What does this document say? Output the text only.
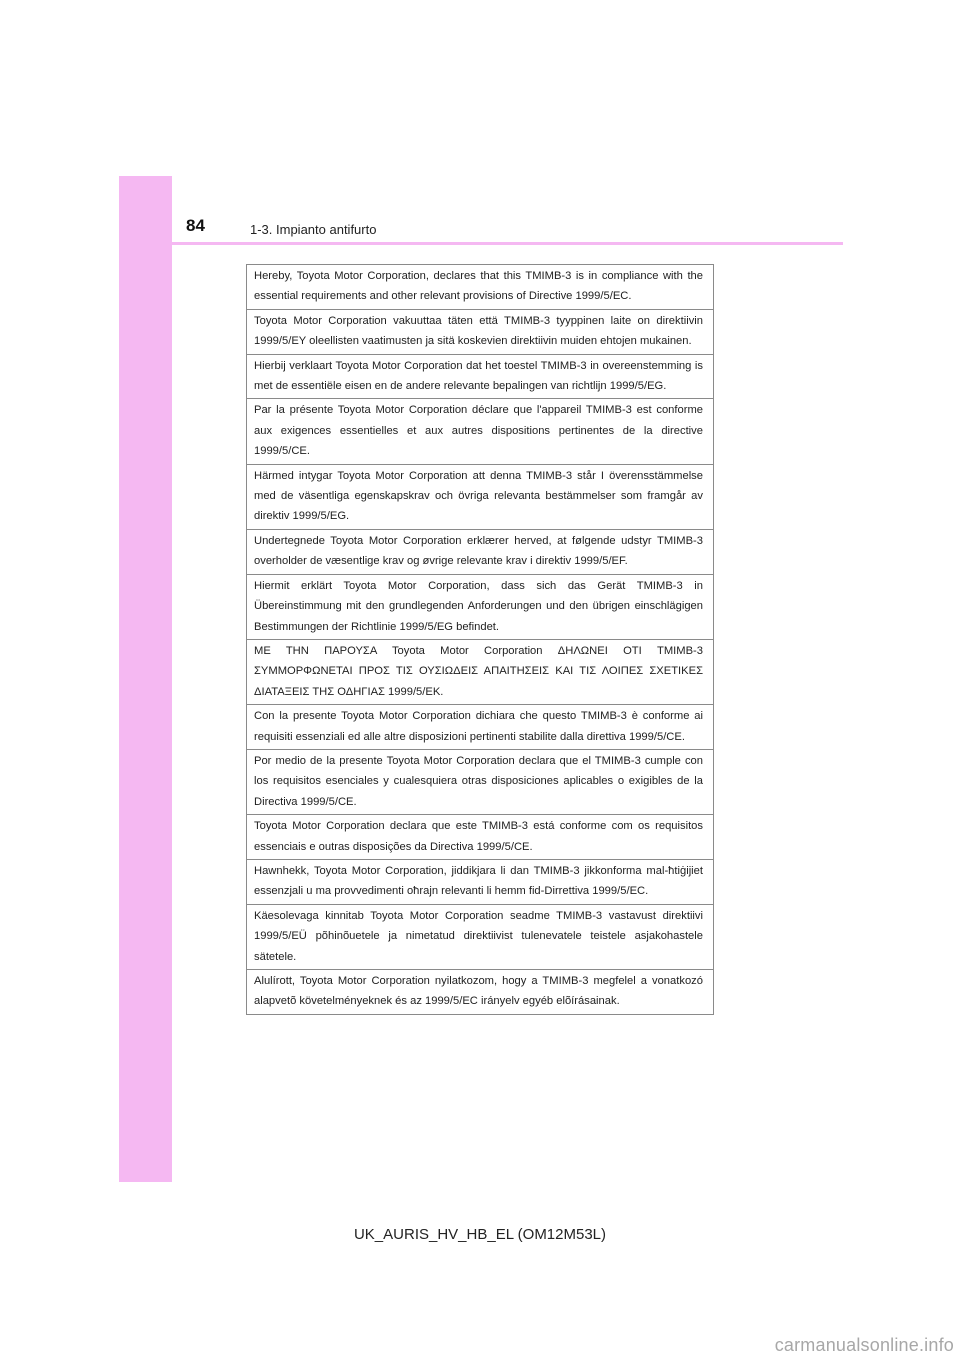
84	1-3. Impianto antifurto
Hereby, Toyota Motor Corporation, declares that this TMIMB-3 is in compliance with the essential requirements and other relevant provisions of Directive 1999/5/EC.
Toyota Motor Corporation vakuuttaa täten että TMIMB-3 tyyppinen laite on direktiivin 1999/5/EY oleellisten vaatimusten ja sitä koskevien direktiivin muiden ehtojen mukainen.
Hierbij verklaart Toyota Motor Corporation dat het toestel TMIMB-3 in overeenstemming is met de essentiële eisen en de andere relevante bepalingen van richtlijn 1999/5/EG.
Par la présente Toyota Motor Corporation déclare que l'appareil TMIMB-3 est conforme aux exigences essentielles et aux autres dispositions pertinentes de la directive 1999/5/CE.
Härmed intygar Toyota Motor Corporation att denna TMIMB-3 står I överensstämmelse med de väsentliga egenskapskrav och övriga relevanta bestämmelser som framgår av direktiv 1999/5/EG.
Undertegnede Toyota Motor Corporation erklærer herved, at følgende udstyr TMIMB-3 overholder de væsentlige krav og øvrige relevante krav i direktiv 1999/5/EF.
Hiermit erklärt Toyota Motor Corporation, dass sich das Gerät TMIMB-3 in Übereinstimmung mit den grundlegenden Anforderungen und den übrigen einschlägigen Bestimmungen der Richtlinie 1999/5/EG befindet.
ΜΕ ΤΗΝ ΠΑΡΟΥΣΑ Toyota Motor Corporation ΔΗΛΩΝΕΙ ΟΤΙ TMIMB-3 ΣΥΜΜΟΡΦΩΝΕΤΑΙ ΠΡΟΣ ΤΙΣ ΟΥΣΙΩΔΕΙΣ ΑΠΑΙΤΗΣΕΙΣ ΚΑΙ ΤΙΣ ΛΟΙΠΕΣ ΣΧΕΤΙΚΕΣ ΔΙΑΤΑΞΕΙΣ ΤΗΣ ΟΔΗΓΙΑΣ 1999/5/ΕΚ.
Con la presente Toyota Motor Corporation dichiara che questo TMIMB-3 è conforme ai requisiti essenziali ed alle altre disposizioni pertinenti stabilite dalla direttiva 1999/5/CE.
Por medio de la presente Toyota Motor Corporation declara que el TMIMB-3 cumple con los requisitos esenciales y cualesquiera otras disposiciones aplicables o exigibles de la Directiva 1999/5/CE.
Toyota Motor Corporation declara que este TMIMB-3 está conforme com os requisitos essenciais e outras disposições da Directiva 1999/5/CE.
Hawnhekk, Toyota Motor Corporation, jiddikjara li dan TMIMB-3 jikkonforma mal-ħtiġijiet essenzjali u ma provvedimenti oħrajn relevanti li hemm fid-Dirrettiva 1999/5/EC.
Käesolevaga kinnitab Toyota Motor Corporation seadme TMIMB-3 vastavust direktiivi 1999/5/EÜ põhinõuetele ja nimetatud direktiivist tulenevatele teistele asjakohastele sätetele.
Alulírott, Toyota Motor Corporation nyilatkozom, hogy a TMIMB-3 megfelel a vonatkozó alapvetõ követelményeknek és az 1999/5/EC irányelv egyéb elõírásainak.
UK_AURIS_HV_HB_EL (OM12M53L)
carmanualsonline.info
